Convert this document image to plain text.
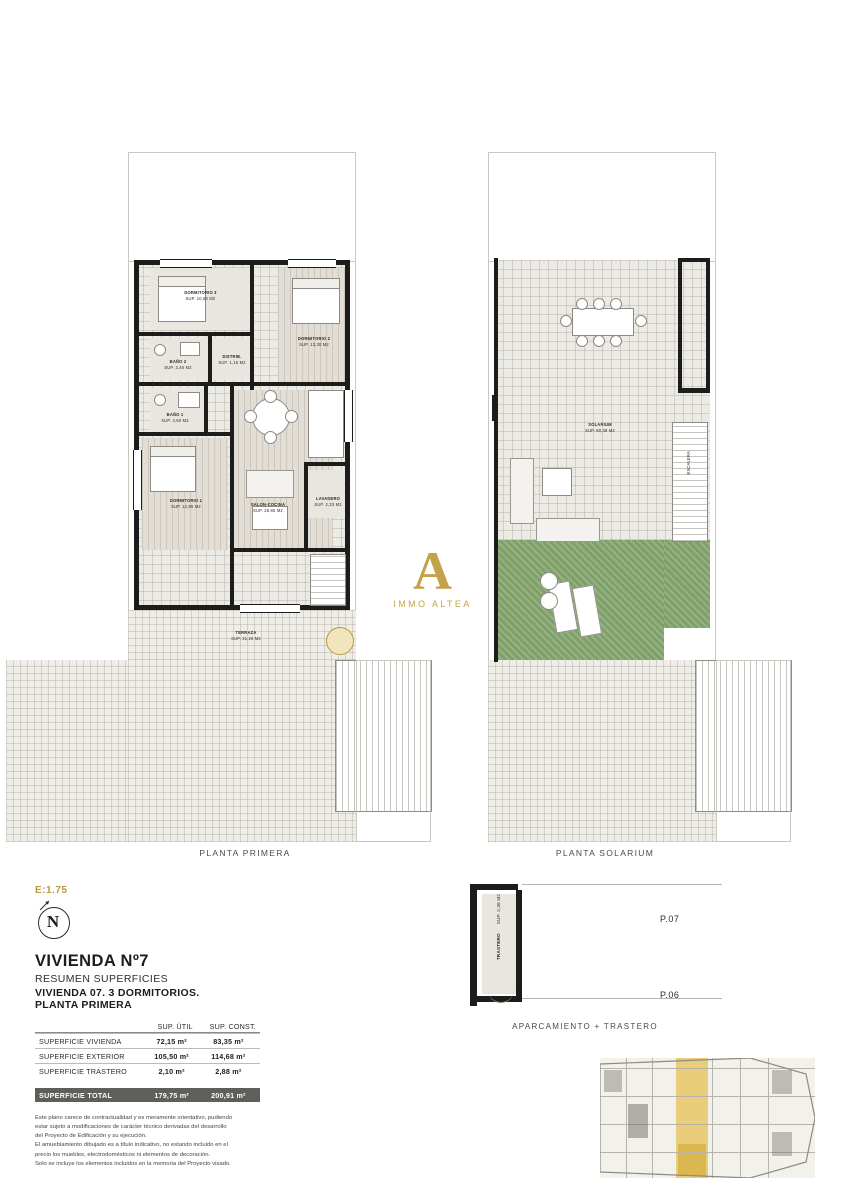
DORMITORIO 3
SUP. 10,60 M2
DORMITORIO 2
SUP. 13,30 M2
BAÑO 2
SUP. 3,46 M2
DISTRIB.
SUP. 1,15 M2
BAÑO 1
SUP. 3,60 M2
DORMITORIO 1
SUP. 12,85 M2	SALON-COCINA
SUP. 28,85 M2
LAVADERO
SUP. 2,33 M2
TERRAZA
SUP. 31,26 M2
PLANTA PRIMERA
A
IMMO ALTEA
ESCALERA
SOLARIUM
SUP. 80,38 M2
PLANTA SOLARIUM
TRASTERO  SUP. 2,36 M2	P.07
P.06
APARCAMIENTO + TRASTERO
E:1.75
N
VIVIENDA Nº7
RESUMEN SUPERFICIES
VIVIENDA 07. 3 DORMITORIOS.
PLANTA PRIMERA
	SUP. ÚTIL	SUP. CONST.

SUPERFICIE VIVIENDA	72,15 m²	83,35 m²
SUPERFICIE EXTERIOR	105,50 m²	114,68 m²
SUPERFICIE TRASTERO	2,10 m²	2,88 m²

SUPERFICIE TOTAL	179,75 m²	200,91 m²
Este plano carece de contractualidad y es meramente orientativo, pudiendo
estar sujeto a modificaciones de carácter técnico derivadas del desarrollo
del Proyecto de Edificación y su ejecución.
El amueblamiento dibujado es a título indicativo, no estando incluido en el
precio los muebles, electrodomésticos ni elementos de decoración.
Solo se incluye los elementos incluidos en la memoria del Proyecto visado.
